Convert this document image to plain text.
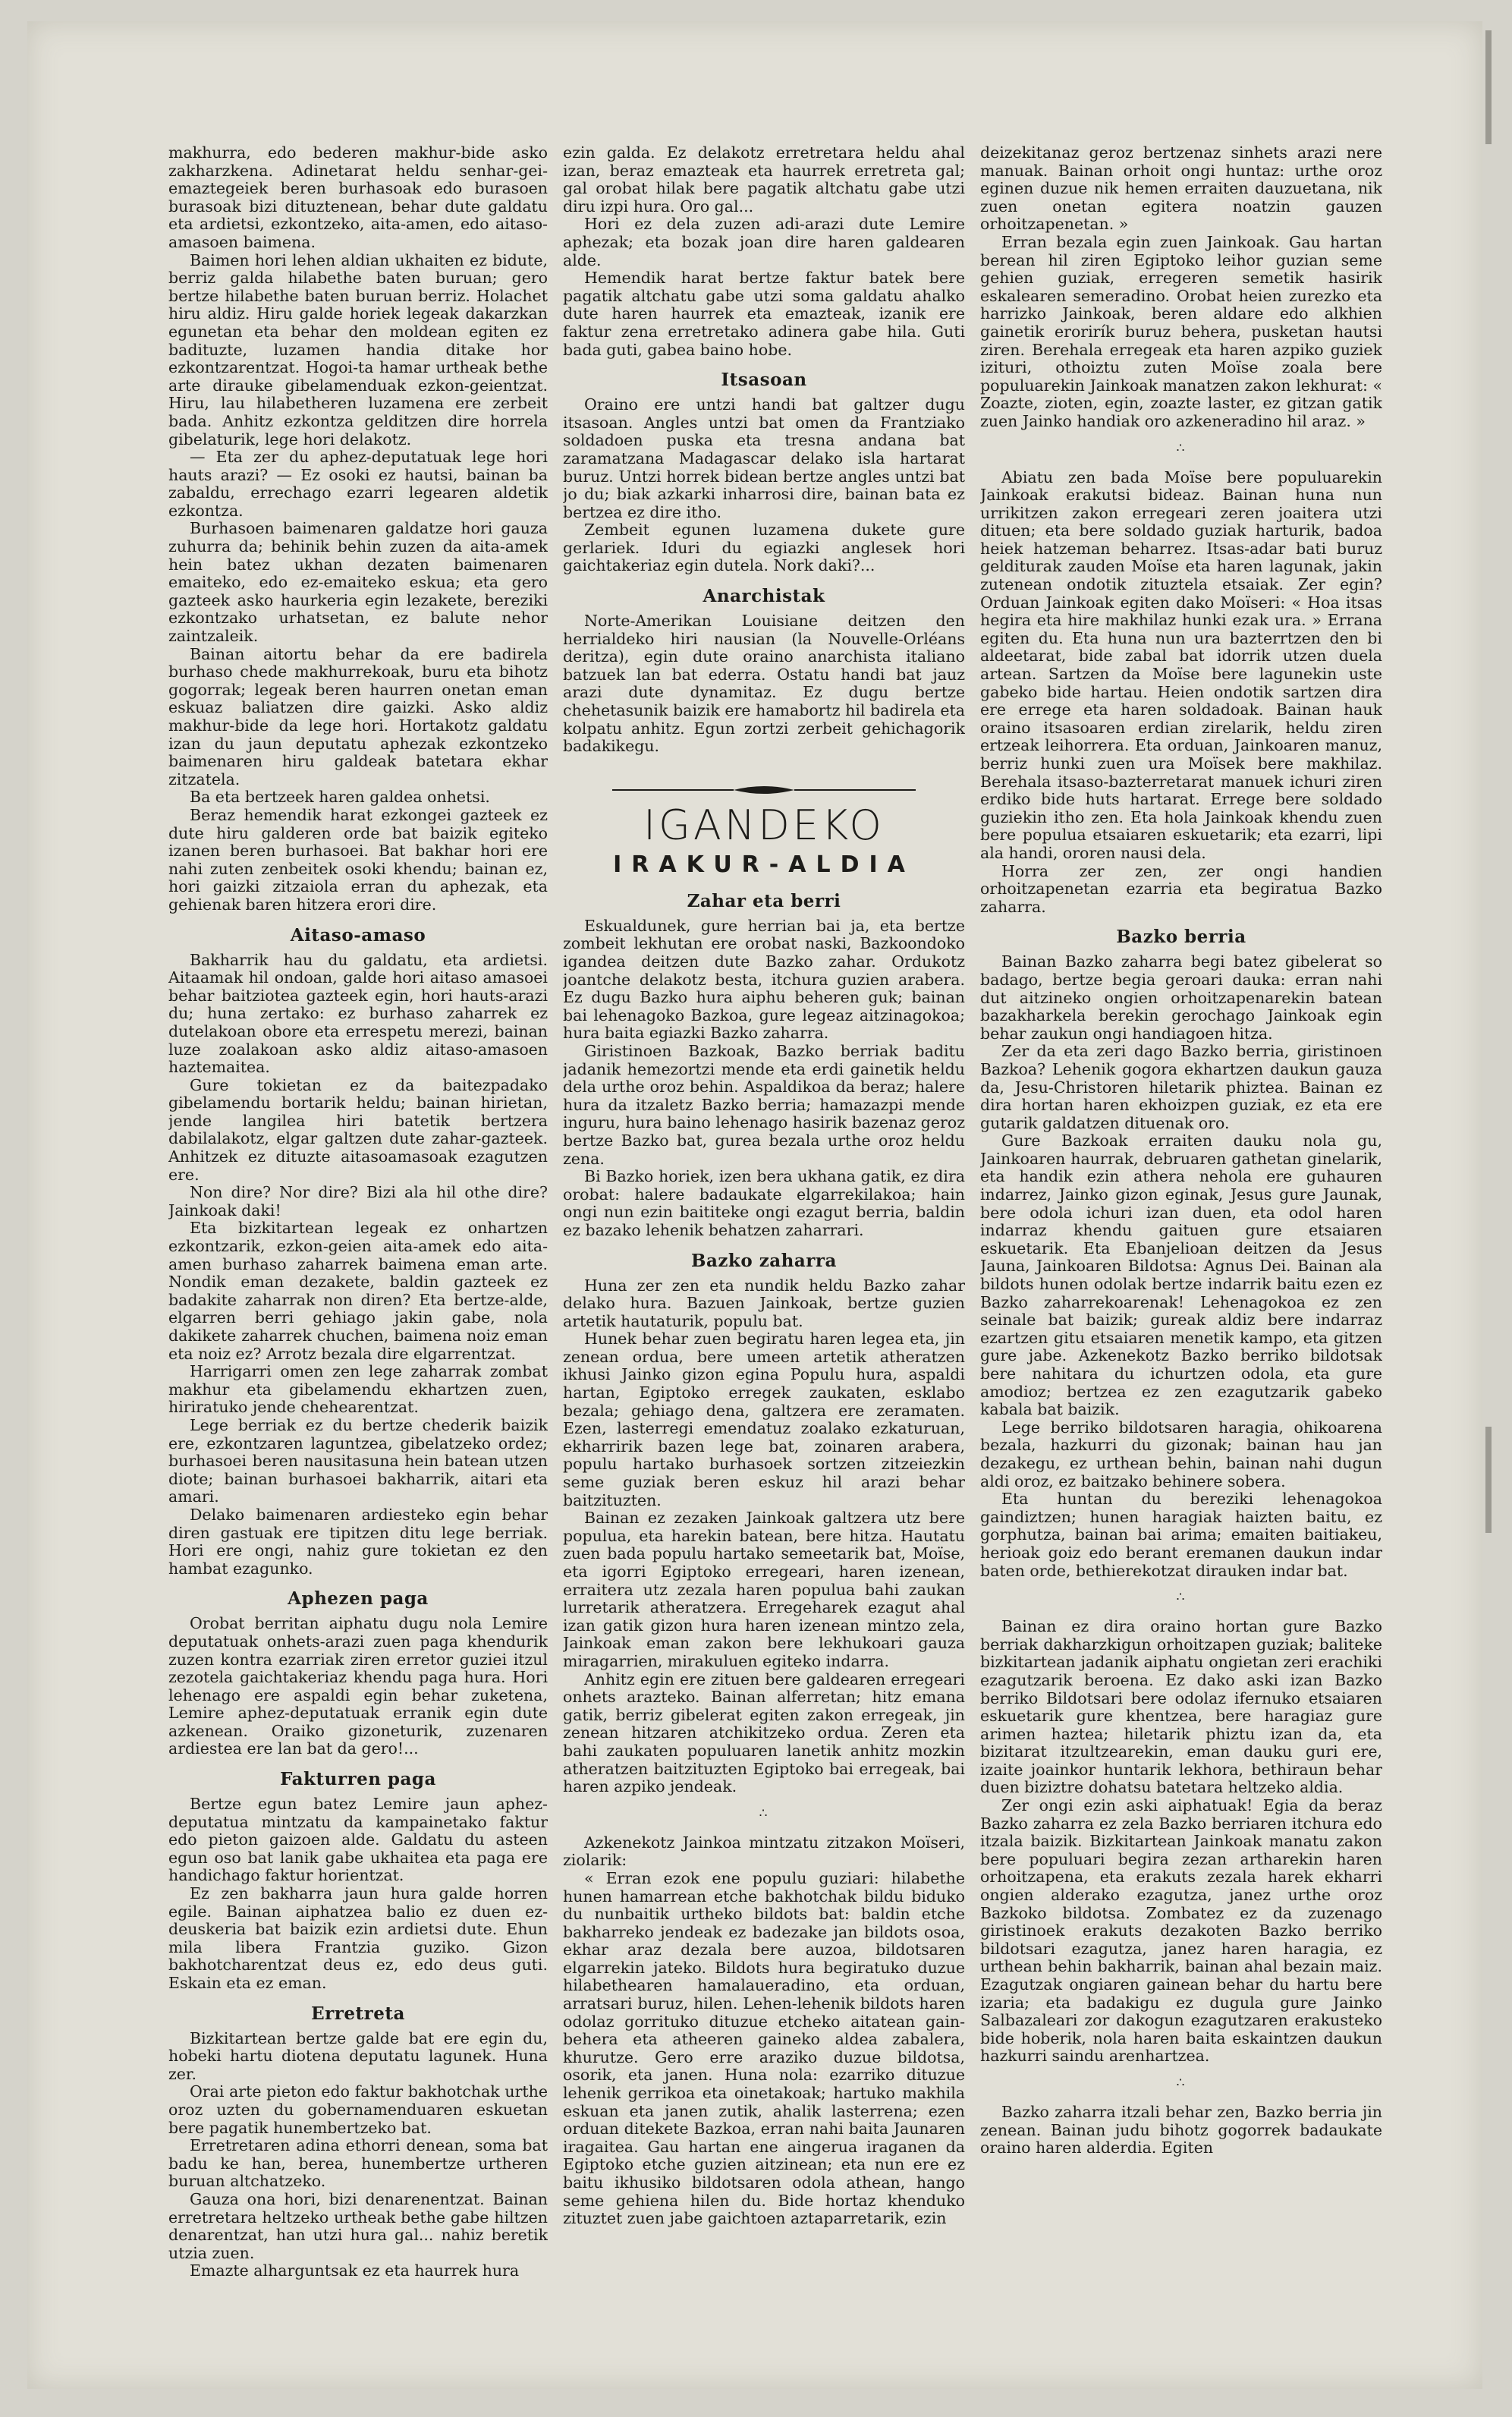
makhurra, edo bederen makhur-bide asko zakharzkena. Adinetarat heldu senhar-gei-emaztegeiek beren burhasoak edo burasoen burasoak bizi dituztenean, behar dute galdatu eta ardietsi, ezkontzeko, aita-amen, edo aitaso-amasoen baimena.

Baimen hori lehen aldian ukhaiten ez bidute, berriz galda hilabethe baten buruan; gero bertze hilabethe baten buruan berriz. Holachet hiru aldiz. Hiru galde horiek legeak dakarzkan egunetan eta behar den moldean egiten ez badituzte, luzamen handia ditake hor ezkontzarentzat. Hogoi-ta hamar urtheak bethe arte dirauke gibelamenduak ezkon-geientzat. Hiru, lau hilabetheren luzamena ere zerbeit bada. Anhitz ezkontza gelditzen dire horrela gibelaturik, lege hori delakotz.

— Eta zer du aphez-deputatuak lege hori hauts arazi? — Ez osoki ez hautsi, bainan ba zabaldu, errechago ezarri legearen aldetik ezkontza.

Burhasoen baimenaren galdatze hori gauza zuhurra da; behinik behin zuzen da aita-amek hein batez ukhan dezaten baimenaren emaiteko, edo ez-emaiteko eskua; eta gero gazteek asko haurkeria egin lezakete, bereziki ezkontzako urhatsetan, ez balute nehor zaintzaleik.

Bainan aitortu behar da ere badirela burhaso chede makhurrekoak, buru eta bihotz gogorrak; legeak beren haurren onetan eman eskuaz baliatzen dire gaizki. Asko aldiz makhur-bide da lege hori. Hortakotz galdatu izan du jaun deputatu aphezak ezkontzeko baimenaren hiru galdeak batetara ekhar zitzatela.

Ba eta bertzeek haren galdea onhetsi.

Beraz hemendik harat ezkongei gazteek ez dute hiru galderen orde bat baizik egiteko izanen beren burhasoei. Bat bakhar hori ere nahi zuten zenbeitek osoki khendu; bainan ez, hori gaizki zitzaiola erran du aphezak, eta gehienak baren hitzera erori dire.

Aitaso-amaso

Bakharrik hau du galdatu, eta ardietsi. Aitaamak hil ondoan, galde hori aitaso amasoei behar baitziotea gazteek egin, hori hauts-arazi du; huna zertako: ez burhaso zaharrek ez dutelakoan obore eta errespetu merezi, bainan luze zoalakoan asko aldiz aitaso-amasoen haztemaitea.

Gure tokietan ez da baitezpadako gibelamendu bortarik heldu; bainan hirietan, jende langilea hiri batetik bertzera dabilalakotz, elgar galtzen dute zahar-gazteek. Anhitzek ez dituzte aitasoamasoak ezagutzen ere.

Non dire? Nor dire? Bizi ala hil othe dire? Jainkoak daki!

Eta bizkitartean legeak ez onhartzen ezkontzarik, ezkon-geien aita-amek edo aita-amen burhaso zaharrek baimena eman arte. Nondik eman dezakete, baldin gazteek ez badakite zaharrak non diren? Eta bertze-alde, elgarren berri gehiago jakin gabe, nola dakikete zaharrek chuchen, baimena noiz eman eta noiz ez? Arrotz bezala dire elgarrentzat.

Harrigarri omen zen lege zaharrak zombat makhur eta gibelamendu ekhartzen zuen, hiriratuko jende chehearentzat.

Lege berriak ez du bertze chederik baizik ere, ezkontzaren laguntzea, gibelatzeko ordez; burhasoei beren nausitasuna hein batean utzen diote; bainan burhasoei bakharrik, aitari eta amari.

Delako baimenaren ardiesteko egin behar diren gastuak ere tipitzen ditu lege berriak. Hori ere ongi, nahiz gure tokietan ez den hambat ezagunko.

Aphezen paga

Orobat berritan aiphatu dugu nola Lemire deputatuak onhets-arazi zuen paga khendurik zuzen kontra ezarriak ziren erretor guziei itzul zezotela gaichtakeriaz khendu paga hura. Hori lehenago ere aspaldi egin behar zuketena, Lemire aphez-deputatuak erranik egin dute azkenean. Oraiko gizoneturik, zuzenaren ardiestea ere lan bat da gero!...

Fakturren paga

Bertze egun batez Lemire jaun aphez-deputatua mintzatu da kampainetako faktur edo pieton gaizoen alde. Galdatu du asteen egun oso bat lanik gabe ukhaitea eta paga ere handichago faktur horientzat.

Ez zen bakharra jaun hura galde horren egile. Bainan aiphatzea balio ez duen ez-deuskeria bat baizik ezin ardietsi dute. Ehun mila libera Frantzia guziko. Gizon bakhotcharentzat deus ez, edo deus guti. Eskain eta ez eman.

Erretreta

Bizkitartean bertze galde bat ere egin du, hobeki hartu diotena deputatu lagunek. Huna zer.

Orai arte pieton edo faktur bakhotchak urthe oroz uzten du gobernamenduaren eskuetan bere pagatik hunembertzeko bat.

Erretretaren adina ethorri denean, soma bat badu ke han, berea, hunembertze urtheren buruan altchatzeko.

Gauza ona hori, bizi denarenentzat. Bainan erretretara heltzeko urtheak bethe gabe hiltzen denarentzat, han utzi hura gal... nahiz beretik utzia zuen.

Emazte alharguntsak ez eta haurrek hura

ezin galda. Ez delakotz erretretara heldu ahal izan, beraz emazteak eta haurrek erretreta gal; gal orobat hilak bere pagatik altchatu gabe utzi diru izpi hura. Oro gal...

Hori ez dela zuzen adi-arazi dute Lemire aphezak; eta bozak joan dire haren galdearen alde.

Hemendik harat bertze faktur batek bere pagatik altchatu gabe utzi soma galdatu ahalko dute haren haurrek eta emazteak, izanik ere faktur zena erretretako adinera gabe hila. Guti bada guti, gabea baino hobe.

Itsasoan

Oraino ere untzi handi bat galtzer dugu itsasoan. Angles untzi bat omen da Frantziako soldadoen puska eta tresna andana bat zaramatzana Madagascar delako isla hartarat buruz. Untzi horrek bidean bertze angles untzi bat jo du; biak azkarki inharrosi dire, bainan bata ez bertzea ez dire itho.

Zembeit egunen luzamena dukete gure gerlariek. Iduri du egiazki anglesek hori gaichtakeriaz egin dutela. Nork daki?...

Anarchistak

Norte-Amerikan Louisiane deitzen den herrialdeko hiri nausian (la Nouvelle-Orléans deritza), egin dute oraino anarchista italiano batzuek lan bat ederra. Ostatu handi bat jauz arazi dute dynamitaz. Ez dugu bertze chehetasunik baizik ere hamabortz hil badirela eta kolpatu anhitz. Egun zortzi zerbeit gehichagorik badakikegu.

IGANDEKO
IRAKUR-ALDIA
Zahar eta berri

Eskualdunek, gure herrian bai ja, eta bertze zombeit lekhutan ere orobat naski, Bazkoondoko igandea deitzen dute Bazko zahar. Ordukotz joantche delakotz besta, itchura guzien arabera. Ez dugu Bazko hura aiphu beheren guk; bainan bai lehenagoko Bazkoa, gure legeaz aitzinagokoa; hura baita egiazki Bazko zaharra.

Giristinoen Bazkoak, Bazko berriak baditu jadanik hemezortzi mende eta erdi gainetik heldu dela urthe oroz behin. Aspaldikoa da beraz; halere hura da itzaletz Bazko berria; hamazazpi mende inguru, hura baino lehenago hasirik bazenaz geroz bertze Bazko bat, gurea bezala urthe oroz heldu zena.

Bi Bazko horiek, izen bera ukhana gatik, ez dira orobat: halere badaukate elgarrekilakoa; hain ongi nun ezin baititeke ongi ezagut berria, baldin ez bazako lehenik behatzen zaharrari.

Bazko zaharra

Huna zer zen eta nundik heldu Bazko zahar delako hura. Bazuen Jainkoak, bertze guzien artetik hautaturik, populu bat.

Hunek behar zuen begiratu haren legea eta, jin zenean ordua, bere umeen artetik atheratzen ikhusi Jainko gizon egina Populu hura, aspaldi hartan, Egiptoko erregek zaukaten, esklabo bezala; gehiago dena, galtzera ere zeramaten. Ezen, lasterregi emendatuz zoalako ezkaturuan, ekharririk bazen lege bat, zoinaren arabera, populu hartako burhasoek sortzen zitzeiezkin seme guziak beren eskuz hil arazi behar baitzituzten.

Bainan ez zezaken Jainkoak galtzera utz bere populua, eta harekin batean, bere hitza. Hautatu zuen bada populu hartako semeetarik bat, Moïse, eta igorri Egiptoko erregeari, haren izenean, erraitera utz zezala haren populua bahi zaukan lurretarik atheratzera. Erregeharek ezagut ahal izan gatik gizon hura haren izenean mintzo zela, Jainkoak eman zakon bere lekhukoari gauza miragarrien, mirakuluen egiteko indarra.

Anhitz egin ere zituen bere galdearen erregeari onhets arazteko. Bainan alferretan; hitz emana gatik, berriz gibelerat egiten zakon erregeak, jin zenean hitzaren atchikitzeko ordua. Zeren eta bahi zaukaten populuaren lanetik anhitz mozkin atheratzen baitzituzten Egiptoko bai erregeak, bai haren azpiko jendeak.

∴

Azkenekotz Jainkoa mintzatu zitzakon Moïseri, ziolarik:

« Erran ezok ene populu guziari: hilabethe hunen hamarrean etche bakhotchak bildu biduko du nunbaitik urtheko bildots bat: baldin etche bakharreko jendeak ez badezake jan bildots osoa, ekhar araz dezala bere auzoa, bildotsaren elgarrekin jateko. Bildots hura begiratuko duzue hilabethearen hamalaueradino, eta orduan, arratsari buruz, hilen. Lehen-lehenik bildots haren odolaz gorrituko dituzue etcheko aitatean gain-behera eta atheeren gaineko aldea zabalera, khurutze. Gero erre araziko duzue bildotsa, osorik, eta janen. Huna nola: ezarriko dituzue lehenik gerrikoa eta oinetakoak; hartuko makhila eskuan eta janen zutik, ahalik lasterrena; ezen orduan ditekete Bazkoa, erran nahi baita Jaunaren iragaitea. Gau hartan ene aingerua iraganen da Egiptoko etche guzien aitzinean; eta nun ere ez baitu ikhusiko bildotsaren odola athean, hango seme gehiena hilen du. Bide hortaz khenduko zituztet zuen jabe gaichtoen aztaparretarik, ezin

deizekitanaz geroz bertzenaz sinhets arazi nere manuak. Bainan orhoit ongi huntaz: urthe oroz eginen duzue nik hemen erraiten dauzuetana, nik zuen onetan egitera noatzin gauzen orhoitzapenetan. »

Erran bezala egin zuen Jainkoak. Gau hartan berean hil ziren Egiptoko leihor guzian seme gehien guziak, erregeren semetik hasirik eskalearen semeradino. Orobat heien zurezko eta harrizko Jainkoak, beren aldare edo alkhien gainetik erorirík buruz behera, pusketan hautsi ziren. Berehala erregeak eta haren azpiko guziek izituri, othoiztu zuten Moïse zoala bere populuarekin Jainkoak manatzen zakon lekhurat: « Zoazte, zioten, egin, zoazte laster, ez gitzan gatik zuen Jainko handiak oro azkeneradino hil araz. »

∴

Abiatu zen bada Moïse bere populuarekin Jainkoak erakutsi bideaz. Bainan huna nun urrikitzen zakon erregeari zeren joaitera utzi dituen; eta bere soldado guziak harturik, badoa heiek hatzeman beharrez. Itsas-adar bati buruz gelditurak zauden Moïse eta haren lagunak, jakin zutenean ondotik zituztela etsaiak. Zer egin? Orduan Jainkoak egiten dako Moïseri: « Hoa itsas hegira eta hire makhilaz hunki ezak ura. » Errana egiten du. Eta huna nun ura bazterrtzen den bi aldeetarat, bide zabal bat idorrik utzen duela artean. Sartzen da Moïse bere lagunekin uste gabeko bide hartau. Heien ondotik sartzen dira ere errege eta haren soldadoak. Bainan hauk oraino itsasoaren erdian zirelarik, heldu ziren ertzeak leihorrera. Eta orduan, Jainkoaren manuz, berriz hunki zuen ura Moïsek bere makhilaz. Berehala itsaso-bazterretarat manuek ichuri ziren erdiko bide huts hartarat. Errege bere soldado guziekin itho zen. Eta hola Jainkoak khendu zuen bere populua etsaiaren eskuetarik; eta ezarri, lipi ala handi, ororen nausi dela.

Horra zer zen, zer ongi handien orhoitzapenetan ezarria eta begiratua Bazko zaharra.

Bazko berria

Bainan Bazko zaharra begi batez gibelerat so badago, bertze begia geroari dauka: erran nahi dut aitzineko ongien orhoitzapenarekin batean bazakharkela berekin gerochago Jainkoak egin behar zaukun ongi handiagoen hitza.

Zer da eta zeri dago Bazko berria, giristinoen Bazkoa? Lehenik gogora ekhartzen daukun gauza da, Jesu-Christoren hiletarik phiztea. Bainan ez dira hortan haren ekhoizpen guziak, ez eta ere gutarik galdatzen dituenak oro.

Gure Bazkoak erraiten dauku nola gu, Jainkoaren haurrak, debruaren gathetan ginelarik, eta handik ezin athera nehola ere guhauren indarrez, Jainko gizon eginak, Jesus gure Jaunak, bere odola ichuri izan duen, eta odol haren indarraz khendu gaituen gure etsaiaren eskuetarik. Eta Ebanjelioan deitzen da Jesus Jauna, Jainkoaren Bildotsa: Agnus Dei. Bainan ala bildots hunen odolak bertze indarrik baitu ezen ez Bazko zaharrekoarenak! Lehenagokoa ez zen seinale bat baizik; gureak aldiz bere indarraz ezartzen gitu etsaiaren menetik kampo, eta gitzen gure jabe. Azkenekotz Bazko berriko bildotsak bere nahitara du ichurtzen odola, eta gure amodioz; bertzea ez zen ezagutzarik gabeko kabala bat baizik.

Lege berriko bildotsaren haragia, ohikoarena bezala, hazkurri du gizonak; bainan hau jan dezakegu, ez urthean behin, bainan nahi dugun aldi oroz, ez baitzako behinere sobera.

Eta huntan du bereziki lehenagokoa gaindiztzen; hunen haragiak haizten baitu, ez gorphutza, bainan bai arima; emaiten baitiakeu, herioak goiz edo berant eremanen daukun indar baten orde, bethierekotzat dirauken indar bat.

∴

Bainan ez dira oraino hortan gure Bazko berriak dakharzkigun orhoitzapen guziak; baliteke bizkitartean jadanik aiphatu ongietan zeri erachiki ezagutzarik beroena. Ez dako aski izan Bazko berriko Bildotsari bere odolaz ifernuko etsaiaren eskuetarik gure khentzea, bere haragiaz gure arimen haztea; hiletarik phiztu izan da, eta bizitarat itzultzearekin, eman dauku guri ere, izaite joainkor huntarik lekhora, bethiraun behar duen biziztre dohatsu batetara heltzeko aldia.

Zer ongi ezin aski aiphatuak! Egia da beraz Bazko zaharra ez zela Bazko berriaren itchura edo itzala baizik. Bizkitartean Jainkoak manatu zakon bere populuari begira zezan artharekin haren orhoitzapena, eta erakuts zezala harek ekharri ongien alderako ezagutza, janez urthe oroz Bazkoko bildotsa. Zombatez ez da zuzenago giristinoek erakuts dezakoten Bazko berriko bildotsari ezagutza, janez haren haragia, ez urthean behin bakharrik, bainan ahal bezain maiz. Ezagutzak ongiaren gainean behar du hartu bere izaria; eta badakigu ez dugula gure Jainko Salbazaleari zor dakogun ezagutzaren erakusteko bide hoberik, nola haren baita eskaintzen daukun hazkurri saindu arenhartzea.

∴

Bazko zaharra itzali behar zen, Bazko berria jin zenean. Bainan judu bihotz gogorrek badaukate oraino haren alderdia. Egiten
